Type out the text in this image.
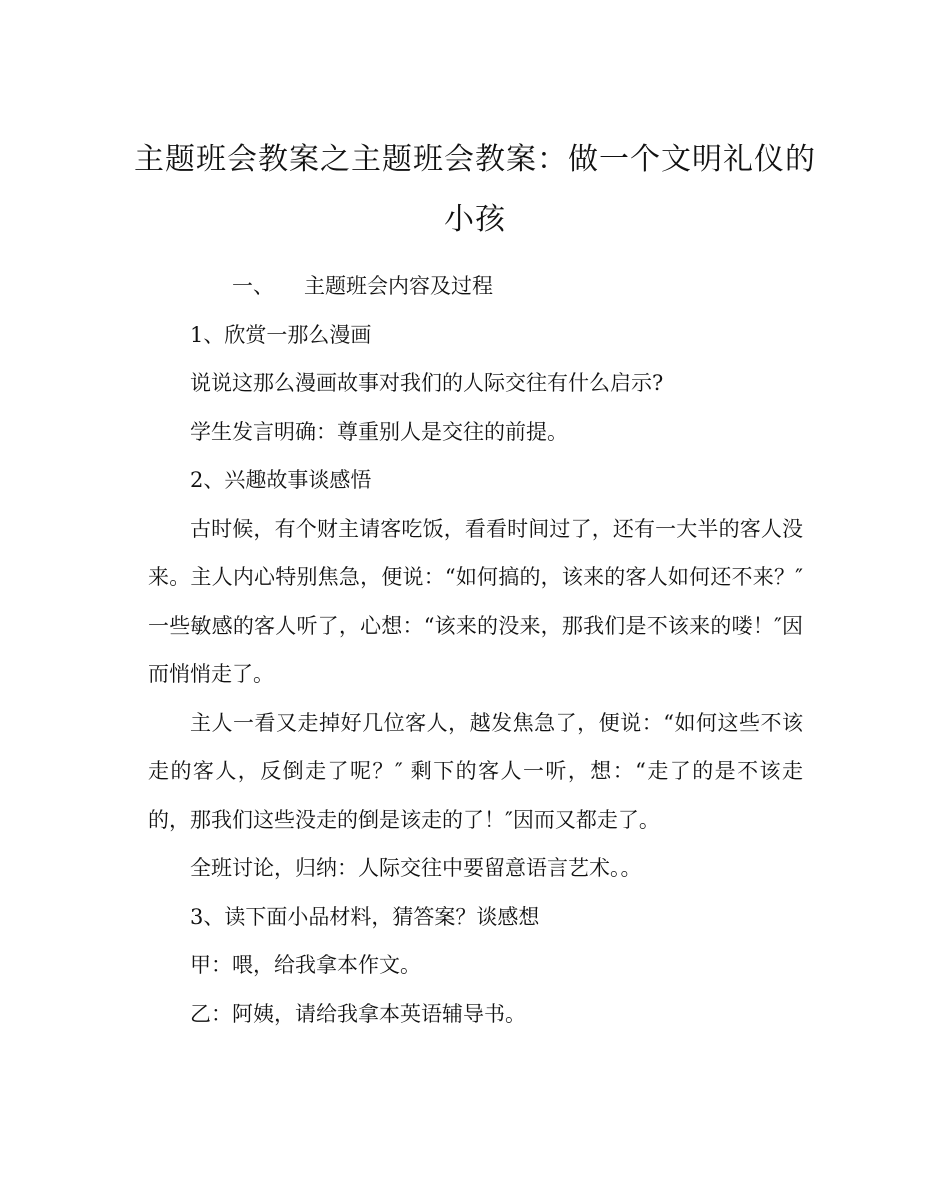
主题班会教案之主题班会教案：做一个文明礼仪的小孩
一、 主题班会内容及过程

1、欣赏一那么漫画

说说这那么漫画故事对我们的人际交往有什么启示?

学生发言明确：尊重别人是交往的前提。

2、兴趣故事谈感悟

古时候，有个财主请客吃饭，看看时间过了，还有一大半的客人没来。主人内心特别焦急，便说：“如何搞的，该来的客人如何还不来？″一些敏感的客人听了，心想：“该来的没来，那我们是不该来的喽！″因而悄悄走了。

主人一看又走掉好几位客人，越发焦急了，便说：“如何这些不该走的客人，反倒走了呢？″ 剩下的客人一听，想：“走了的是不该走的，那我们这些没走的倒是该走的了！″因而又都走了。

全班讨论，归纳：人际交往中要留意语言艺术。。

3、读下面小品材料，猜答案？谈感想

甲：喂，给我拿本作文。

乙：阿姨，请给我拿本英语辅导书。
